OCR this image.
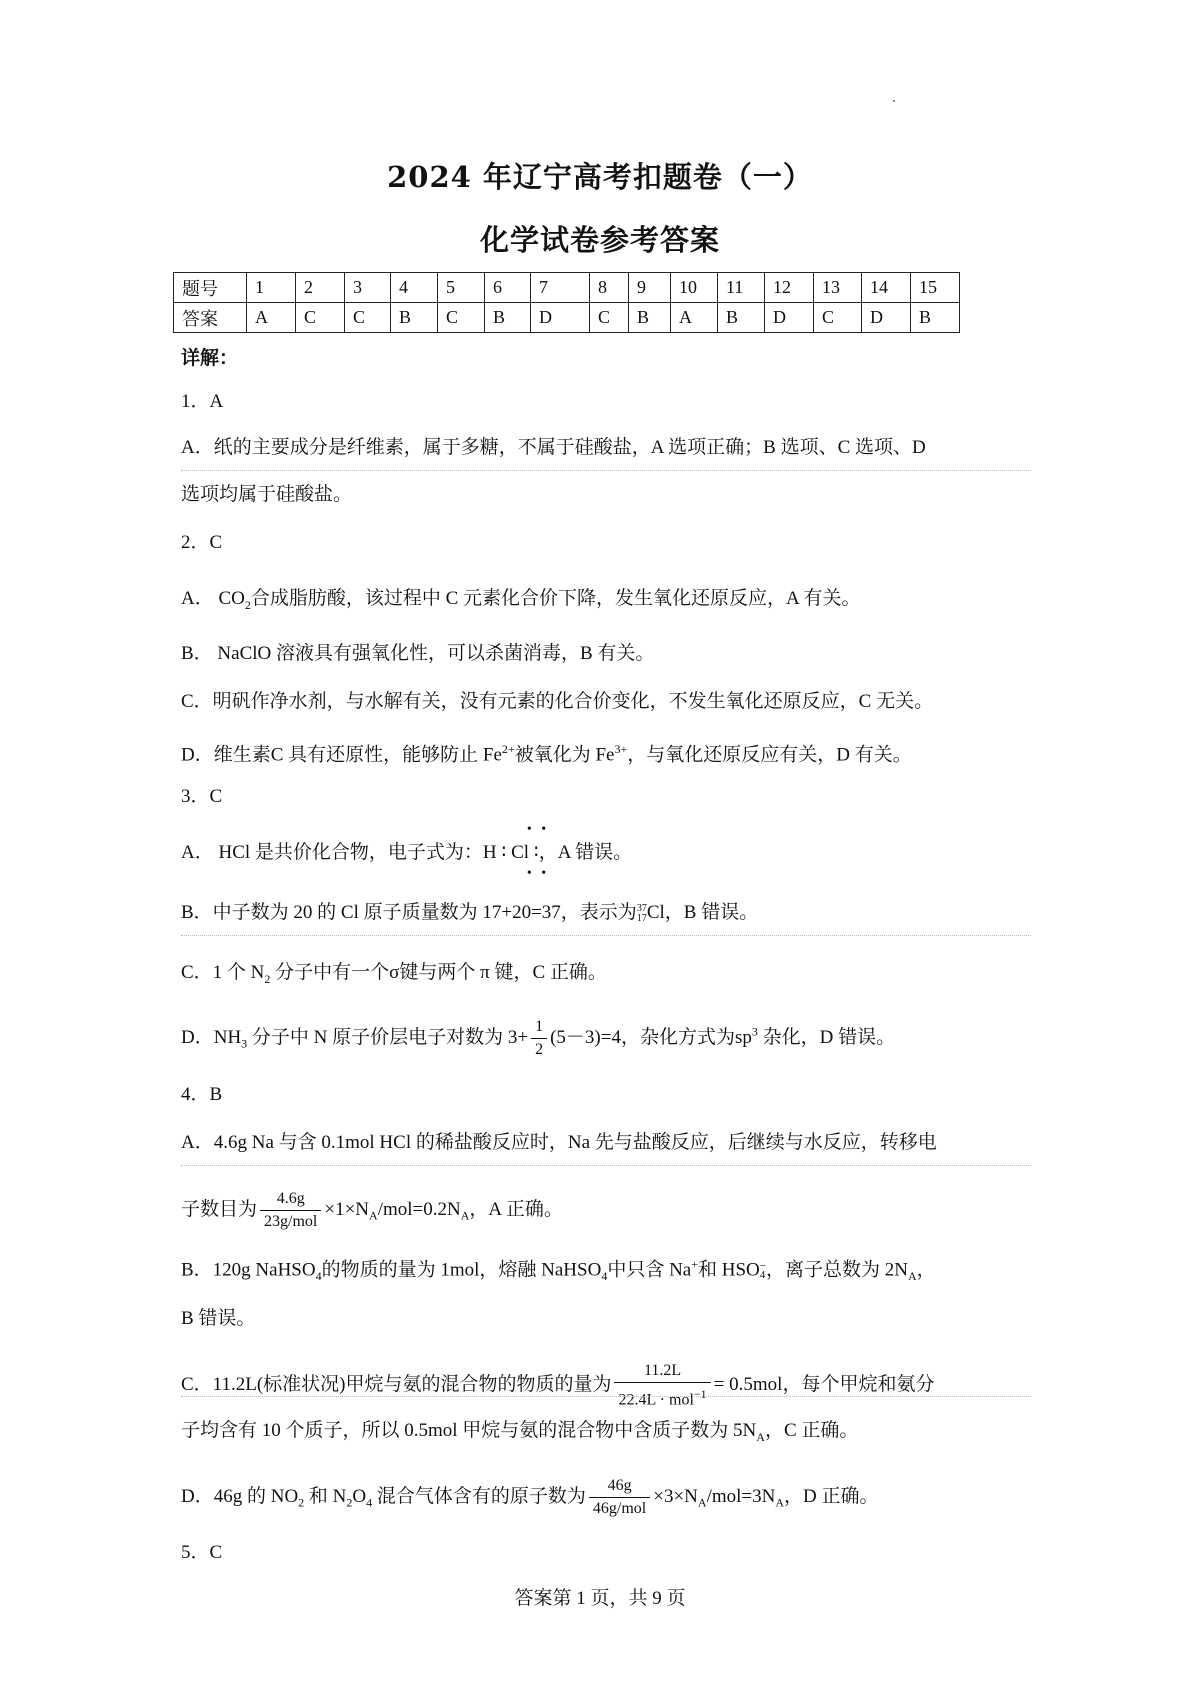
2024 年辽宁高考扣题卷（一）
化学试卷参考答案
题号	1	2	3	4	5	6	7	8	9	10	11	12	13	14	15
答案	A	C	C	B	C	B	D	C	B	A	B	D	C	D	B
详解：
1．A
A．纸的主要成分是纤维素，属于多糖，不属于硅酸盐，A 选项正确；B 选项、C 选项、D
选项均属于硅酸盐。
2．C
A． $CO_2$合成脂肪酸，该过程中 C 元素化合价下降，发生氧化还原反应，A 有关。
B． NaClO 溶液具有强氧化性，可以杀菌消毒，B 有关。
C．明矾作净水剂，与水解有关，没有元素的化合价变化，不发生氧化还原反应，C 无关。
D．维生素C 具有还原性，能够防止 $Fe^{2+}$被氧化为 $Fe^{3+}$，与氧化还原反应有关，D 有关。
3．C
A． HCl 是共价化合物，电子式为：H ∶ Cl ∶
• •
• •
，A 错误。
B．中子数为 20 的 Cl 原子质量数为 17+20=37，表示为 37
17 Cl，B 错误。
C．1 个 $N_2$ 分子中有一个σ键与两个 π 键，C 正确。
D．$NH_3$ 分子中 N 原子价层电子对数为 $3+ \frac{1}{2} (5-3)=4$，杂化方式为$sp^3$ 杂化，D 错误。
4．B
A．4.6g Na 与含 0.1mol HCl 的稀盐酸反应时，Na 先与盐酸反应，后继续与水反应，转移电
子数目为 $\frac{4.6g}{\text{23g/mol}} \times 1\times N_A/mol=0.2N_A$，A 正确。
B．120g NaHSO$_4$的物质的量为 1mol，熔融 NaHSO$_4$中只含 Na+和 HSO −
4 ，离子总数为 $2N_A$，
B 错误。
C．11.2L(标准状况)甲烷与氨的混合物的物质的量为 $\frac{11.2L}{22.4L \cdot mol^{-1}} = 0.5mol$，每个甲烷和氨分
子均含有 10 个质子，所以 0.5mol 甲烷与氨的混合物中含质子数为 $5N_A$，C 正确。
D．46g 的 $NO_2$ 和 $N_2O_4$ 混合气体含有的原子数为 $\frac{46g}{\text{46g/mol}} \times 3\times N_A/mol=3N_A$，D 正确。
5．C
答案第 1 页，共 9 页
